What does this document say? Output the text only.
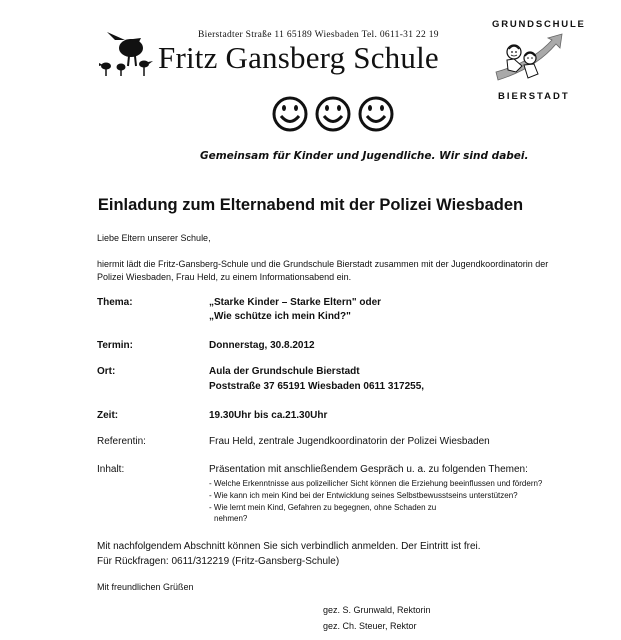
Bierstadter Straße 11 65189 Wiesbaden Tel. 0611-31 22 19
Fritz Gansberg Schule
GRUNDSCHULE
BIERSTADT
Gemeinsam für Kinder und Jugendliche. Wir sind dabei.
Einladung zum Elternabend mit der Polizei Wiesbaden
Liebe Eltern unserer Schule,
hiermit lädt die Fritz-Gansberg-Schule und die Grundschule Bierstadt zusammen mit der Jugendkoordinatorin der
Polizei Wiesbaden, Frau Held, zu einem Informationsabend ein.
Thema:	„Starke Kinder – Starke Eltern" oder
„Wie schütze ich mein Kind?"
Termin:	Donnerstag, 30.8.2012
Ort:	Aula der Grundschule Bierstadt
Poststraße 37 65191 Wiesbaden 0611 317255,
Zeit:	19.30Uhr bis ca.21.30Uhr
Referentin:	Frau Held, zentrale Jugendkoordinatorin der Polizei Wiesbaden
Inhalt:	Präsentation mit anschließendem Gespräch u. a. zu folgenden Themen:
- Welche Erkenntnisse aus polizeilicher Sicht können die Erziehung beeinflussen und fördern?
- Wie kann ich mein Kind bei der Entwicklung seines Selbstbewusstseins unterstützen?
- Wie lernt mein Kind, Gefahren zu begegnen, ohne Schaden zu
nehmen?
Mit nachfolgendem Abschnitt können Sie sich verbindlich anmelden. Der Eintritt ist frei.
Für Rückfragen: 0611/312219 (Fritz-Gansberg-Schule)
Mit freundlichen Grüßen
gez. S. Grunwald, Rektorin
gez. Ch. Steuer, Rektor
